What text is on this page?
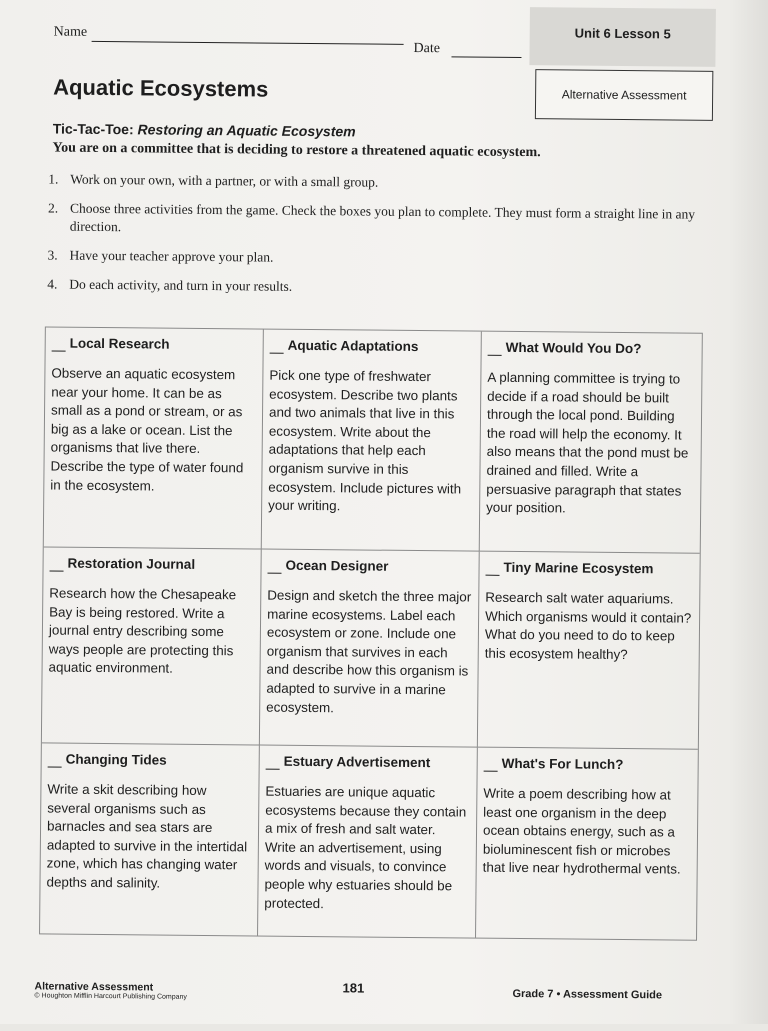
Name
Date
Unit 6 Lesson 5
Alternative Assessment
Aquatic Ecosystems
Tic-Tac-Toe: Restoring an Aquatic Ecosystem
You are on a committee that is deciding to restore a threatened aquatic ecosystem.
1. Work on your own, with a partner, or with a small group.
2. Choose three activities from the game. Check the boxes you plan to complete. They must form a straight line in any direction.
3. Have your teacher approve your plan.
4. Do each activity, and turn in your results.
Local Research
Observe an aquatic ecosystem near your home. It can be as small as a pond or stream, or as big as a lake or ocean. List the organisms that live there. Describe the type of water found in the ecosystem.
Aquatic Adaptations
Pick one type of freshwater ecosystem. Describe two plants and two animals that live in this ecosystem. Write about the adaptations that help each organism survive in this ecosystem. Include pictures with your writing.
What Would You Do?
A planning committee is trying to decide if a road should be built through the local pond. Building the road will help the economy. It also means that the pond must be drained and filled. Write a persuasive paragraph that states your position.
Restoration Journal
Research how the Chesapeake Bay is being restored. Write a journal entry describing some ways people are protecting this aquatic environment.
Ocean Designer
Design and sketch the three major marine ecosystems. Label each ecosystem or zone. Include one organism that survives in each and describe how this organism is adapted to survive in a marine ecosystem.
Tiny Marine Ecosystem
Research salt water aquariums. Which organisms would it contain? What do you need to do to keep this ecosystem healthy?
Changing Tides
Write a skit describing how several organisms such as barnacles and sea stars are adapted to survive in the intertidal zone, which has changing water depths and salinity.
Estuary Advertisement
Estuaries are unique aquatic ecosystems because they contain a mix of fresh and salt water. Write an advertisement, using words and visuals, to convince people why estuaries should be protected.
What's For Lunch?
Write a poem describing how at least one organism in the deep ocean obtains energy, such as a bioluminescent fish or microbes that live near hydrothermal vents.
Alternative Assessment
© Houghton Mifflin Harcourt Publishing Company
181	Grade 7 • Assessment Guide
